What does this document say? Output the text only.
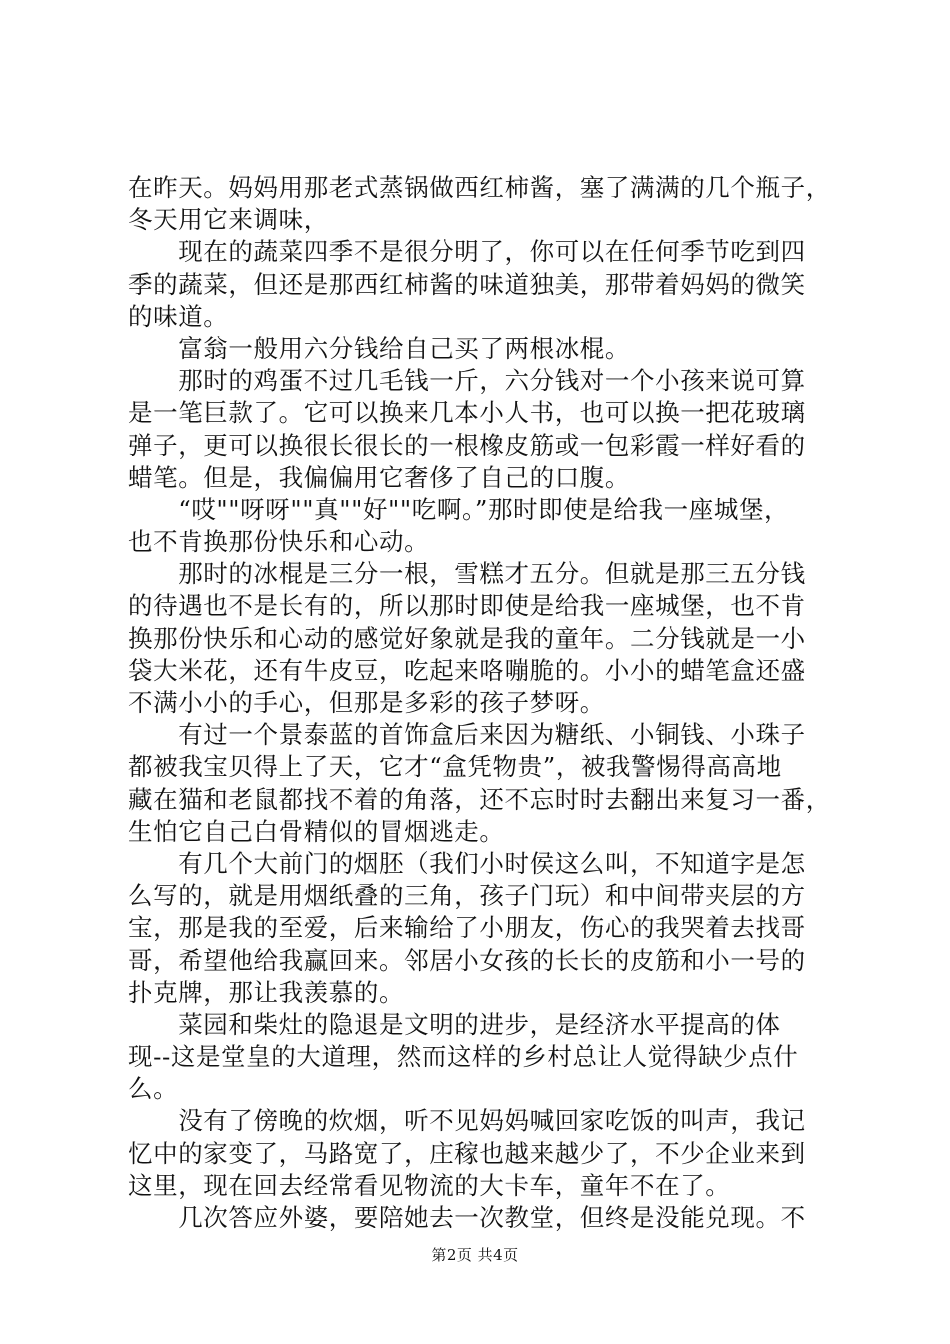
在昨天。妈妈用那老式蒸锅做西红柿酱，塞了满满的几个瓶子，
冬天用它来调味，
　　现在的蔬菜四季不是很分明了，你可以在任何季节吃到四
季的蔬菜，但还是那西红柿酱的味道独美，那带着妈妈的微笑
的味道。
　　富翁一般用六分钱给自己买了两根冰棍。
　　那时的鸡蛋不过几毛钱一斤，六分钱对一个小孩来说可算
是一笔巨款了。它可以换来几本小人书，也可以换一把花玻璃
弹子，更可以换很长很长的一根橡皮筋或一包彩霞一样好看的
蜡笔。但是，我偏偏用它奢侈了自己的口腹。
　　“哎""呀呀""真""好""吃啊。”那时即使是给我一座城堡，
也不肯换那份快乐和心动。
　　那时的冰棍是三分一根，雪糕才五分。但就是那三五分钱
的待遇也不是长有的，所以那时即使是给我一座城堡，也不肯
换那份快乐和心动的感觉好象就是我的童年。二分钱就是一小
袋大米花，还有牛皮豆，吃起来咯嘣脆的。小小的蜡笔盒还盛
不满小小的手心，但那是多彩的孩子梦呀。
　　有过一个景泰蓝的首饰盒后来因为糖纸、小铜钱、小珠子
都被我宝贝得上了天，它才“盒凭物贵”，被我警惕得高高地
藏在猫和老鼠都找不着的角落，还不忘时时去翻出来复习一番，
生怕它自己白骨精似的冒烟逃走。
　　有几个大前门的烟胚（我们小时侯这么叫，不知道字是怎
么写的，就是用烟纸叠的三角，孩子门玩）和中间带夹层的方
宝，那是我的至爱，后来输给了小朋友，伤心的我哭着去找哥
哥，希望他给我赢回来。邻居小女孩的长长的皮筋和小一号的
扑克牌，那让我羡慕的。
　　菜园和柴灶的隐退是文明的进步，是经济水平提高的体
现--这是堂皇的大道理，然而这样的乡村总让人觉得缺少点什
么。
　　没有了傍晚的炊烟，听不见妈妈喊回家吃饭的叫声，我记
忆中的家变了，马路宽了，庄稼也越来越少了，不少企业来到
这里，现在回去经常看见物流的大卡车，童年不在了。
　　几次答应外婆，要陪她去一次教堂，但终是没能兑现。不
第2页 共4页
